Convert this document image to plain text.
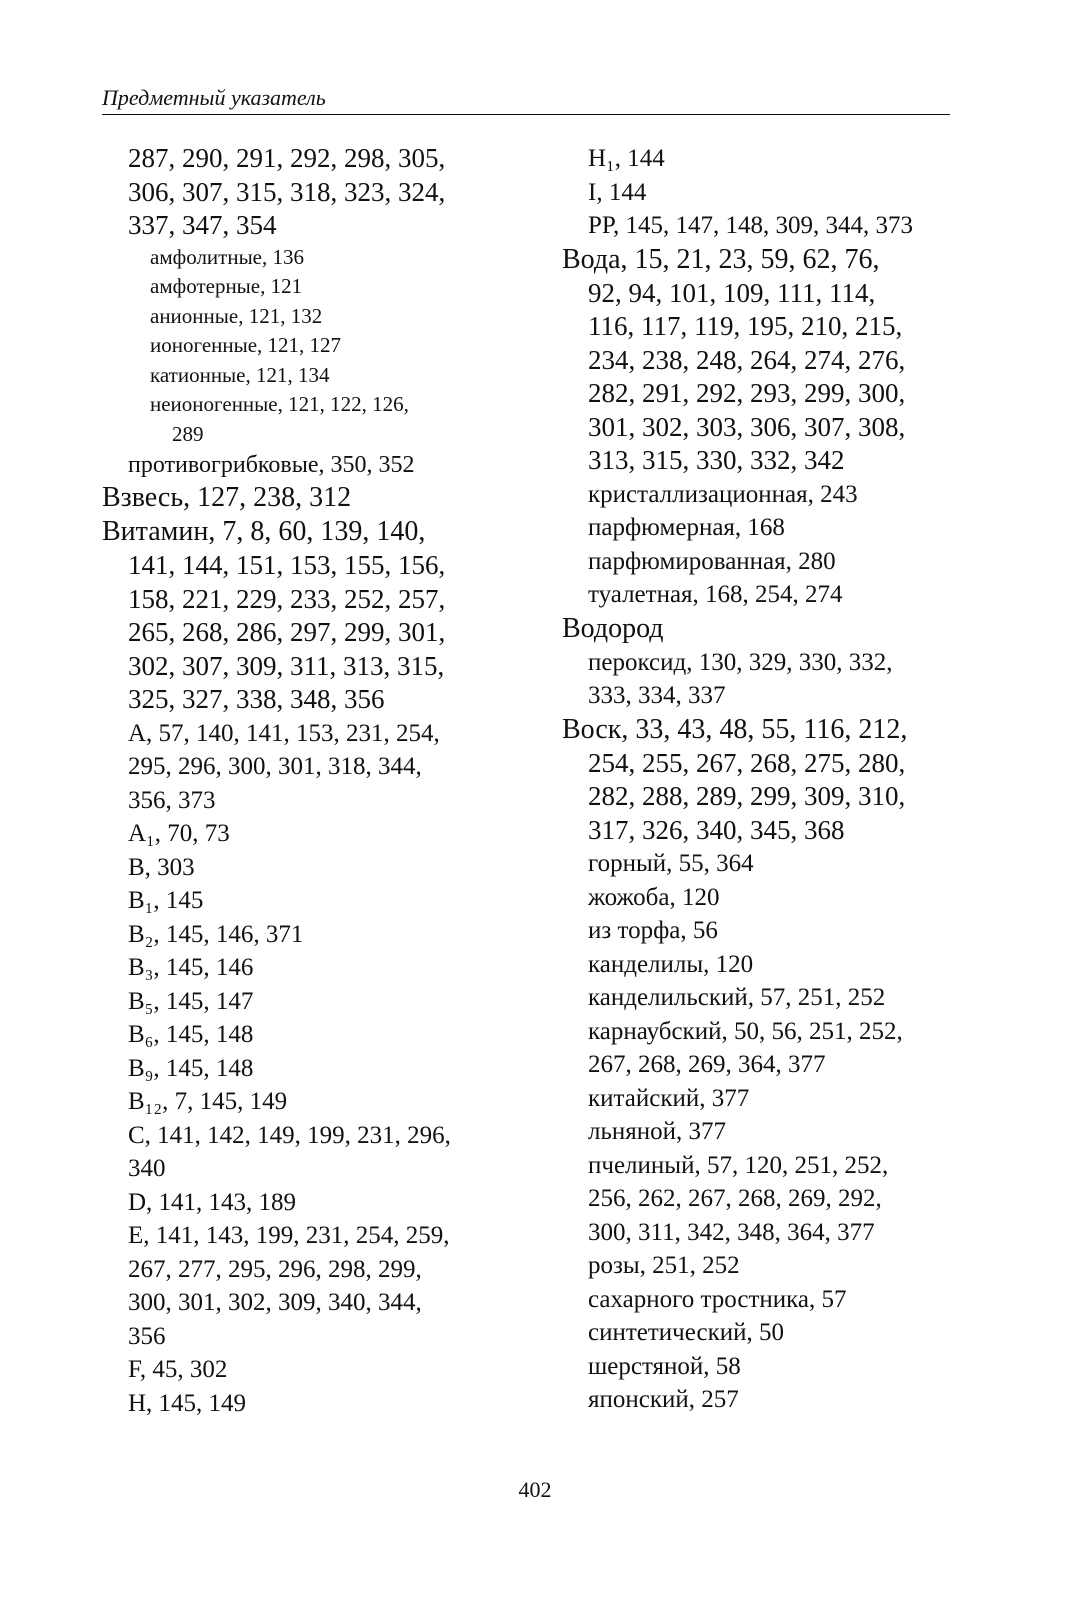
Предметный указатель
287, 290, 291, 292, 298, 305,
306, 307, 315, 318, 323, 324,
337, 347, 354
амфолитные, 136
амфотерные, 121
анионные, 121, 132
ионогенные, 121, 127
катионные, 121, 134
неионогенные, 121, 122, 126,
289
противогрибковые, 350, 352
Взвесь, 127, 238, 312
Витамин, 7, 8, 60, 139, 140,
141, 144, 151, 153, 155, 156,
158, 221, 229, 233, 252, 257,
265, 268, 286, 297, 299, 301,
302, 307, 309, 311, 313, 315,
325, 327, 338, 348, 356
A, 57, 140, 141, 153, 231, 254,
295, 296, 300, 301, 318, 344,
356, 373
A₁, 70, 73
B, 303
B₁, 145
B₂, 145, 146, 371
B₃, 145, 146
B₅, 145, 147
B₆, 145, 148
B₉, 145, 148
B₁₂, 7, 145, 149
C, 141, 142, 149, 199, 231, 296,
340
D, 141, 143, 189
E, 141, 143, 199, 231, 254, 259,
267, 277, 295, 296, 298, 299,
300, 301, 302, 309, 340, 344,
356
F, 45, 302
H, 145, 149
H₁, 144
I, 144
PP, 145, 147, 148, 309, 344, 373
Вода, 15, 21, 23, 59, 62, 76,
92, 94, 101, 109, 111, 114,
116, 117, 119, 195, 210, 215,
234, 238, 248, 264, 274, 276,
282, 291, 292, 293, 299, 300,
301, 302, 303, 306, 307, 308,
313, 315, 330, 332, 342
кристаллизационная, 243
парфюмерная, 168
парфюмированная, 280
туалетная, 168, 254, 274
Водород
пероксид, 130, 329, 330, 332,
333, 334, 337
Воск, 33, 43, 48, 55, 116, 212,
254, 255, 267, 268, 275, 280,
282, 288, 289, 299, 309, 310,
317, 326, 340, 345, 368
горный, 55, 364
жожоба, 120
из торфа, 56
канделилы, 120
канделильский, 57, 251, 252
карнаубский, 50, 56, 251, 252,
267, 268, 269, 364, 377
китайский, 377
льняной, 377
пчелиный, 57, 120, 251, 252,
256, 262, 267, 268, 269, 292,
300, 311, 342, 348, 364, 377
розы, 251, 252
сахарного тростника, 57
синтетический, 50
шерстяной, 58
японский, 257
402
